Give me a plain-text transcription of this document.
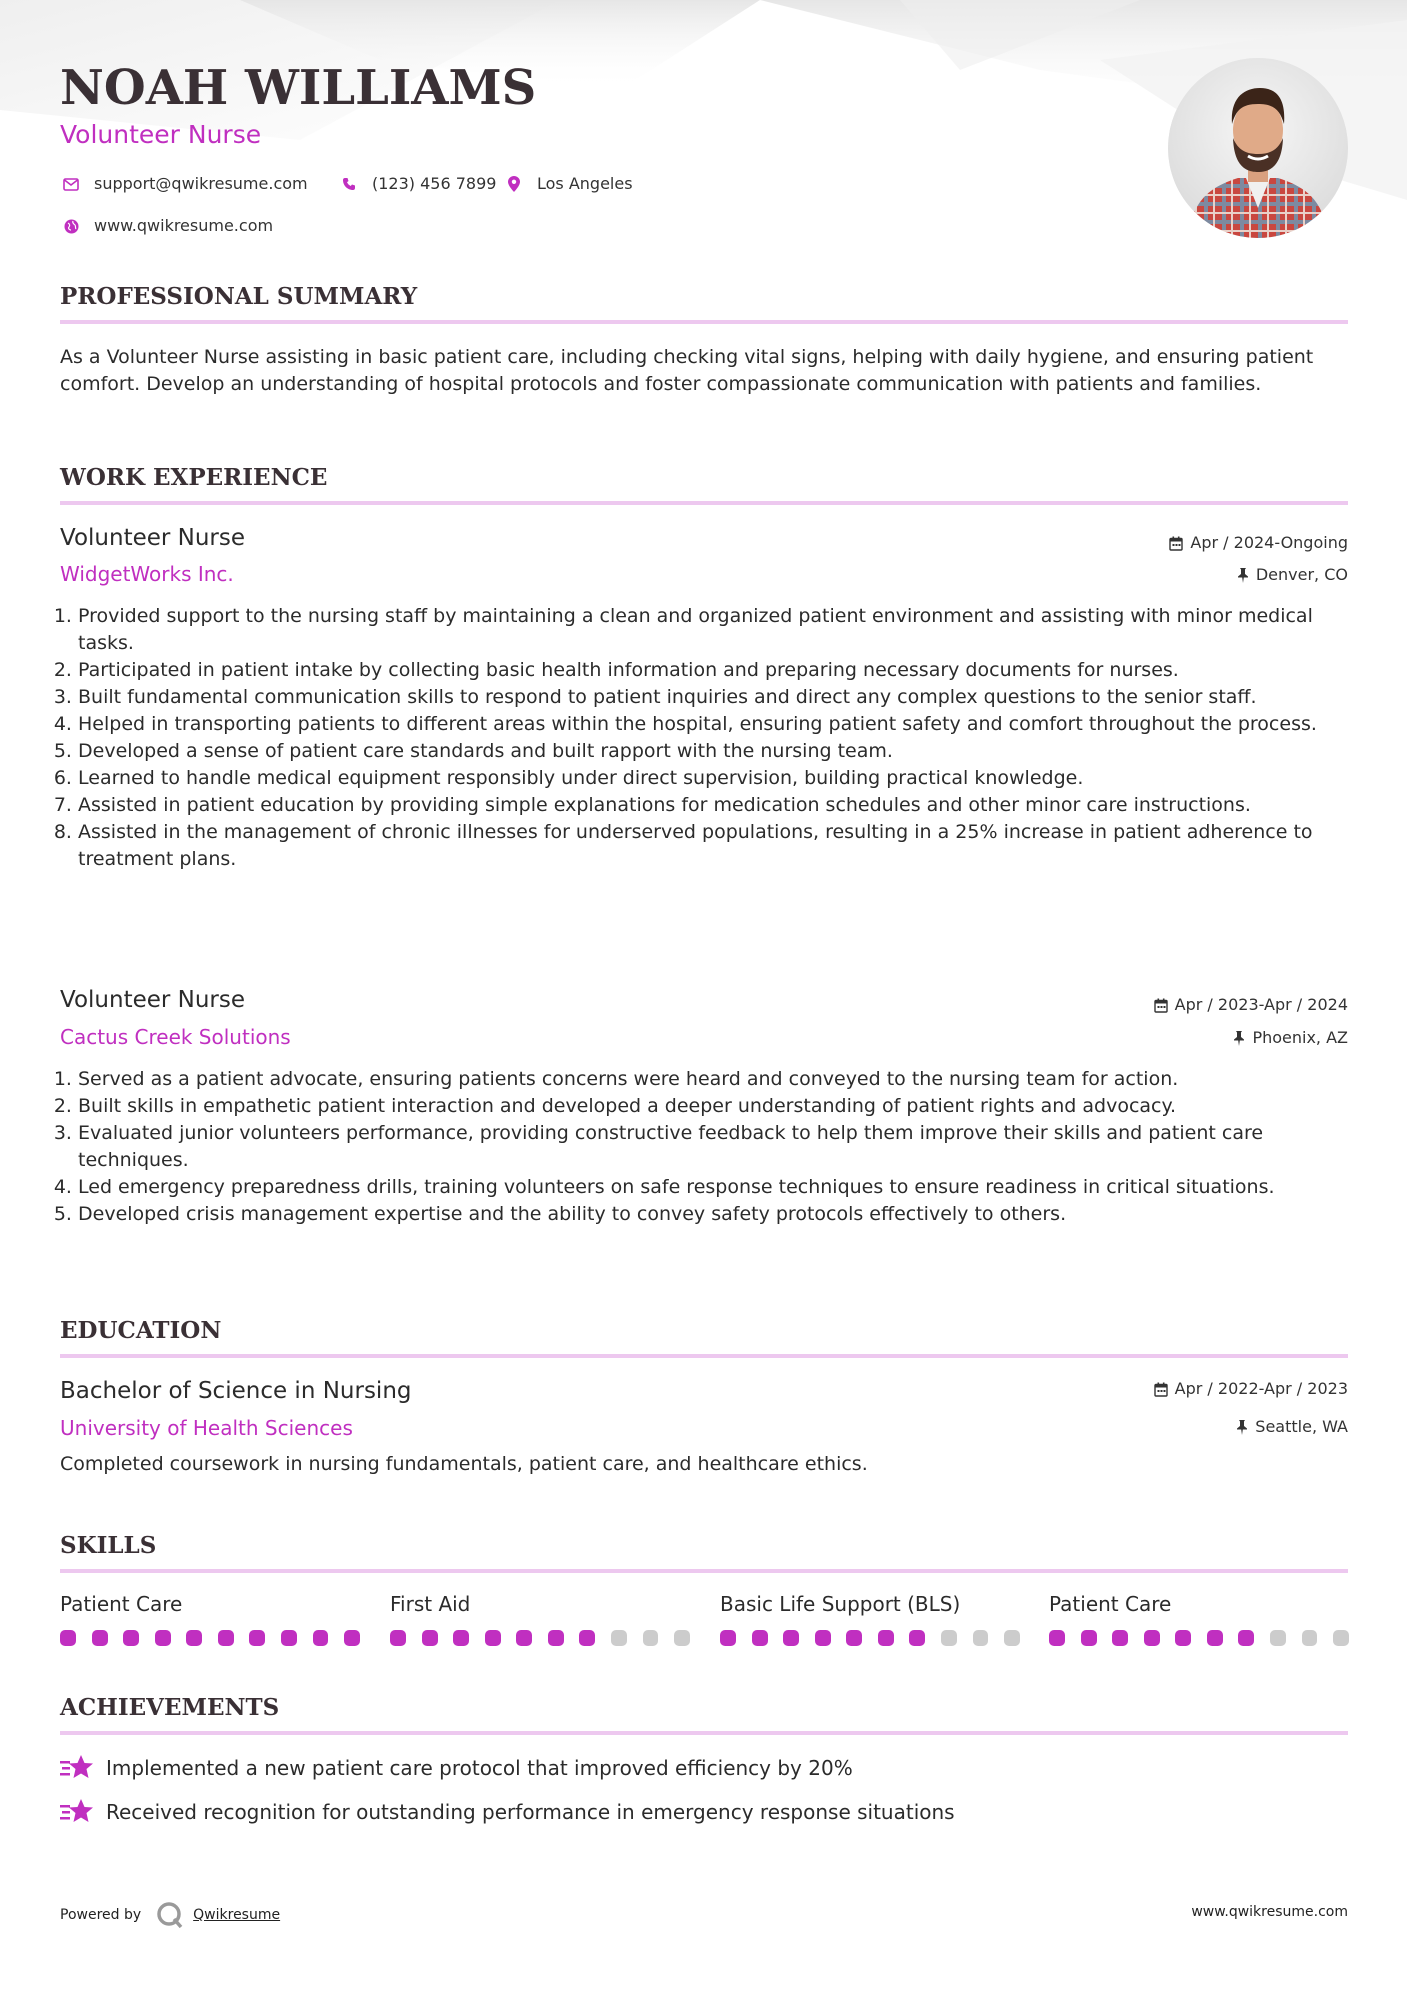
NOAH WILLIAMS
Volunteer Nurse
support@qwikresume.com	(123) 456 7899	Los Angeles
www.qwikresume.com
PROFESSIONAL SUMMARY
As a Volunteer Nurse assisting in basic patient care, including checking vital signs, helping with daily hygiene, and ensuring patient comfort. Develop an understanding of hospital protocols and foster compassionate communication with patients and families.
WORK EXPERIENCE
Volunteer Nurse	Apr / 2024-Ongoing
WidgetWorks Inc.	Denver, CO
1. Provided support to the nursing staff by maintaining a clean and organized patient environment and assisting with minor medical tasks.
2. Participated in patient intake by collecting basic health information and preparing necessary documents for nurses.
3. Built fundamental communication skills to respond to patient inquiries and direct any complex questions to the senior staff.
4. Helped in transporting patients to different areas within the hospital, ensuring patient safety and comfort throughout the process.
5. Developed a sense of patient care standards and built rapport with the nursing team.
6. Learned to handle medical equipment responsibly under direct supervision, building practical knowledge.
7. Assisted in patient education by providing simple explanations for medication schedules and other minor care instructions.
8. Assisted in the management of chronic illnesses for underserved populations, resulting in a 25% increase in patient adherence to treatment plans.
Volunteer Nurse	Apr / 2023-Apr / 2024
Cactus Creek Solutions	Phoenix, AZ
1. Served as a patient advocate, ensuring patients concerns were heard and conveyed to the nursing team for action.
2. Built skills in empathetic patient interaction and developed a deeper understanding of patient rights and advocacy.
3. Evaluated junior volunteers performance, providing constructive feedback to help them improve their skills and patient care techniques.
4. Led emergency preparedness drills, training volunteers on safe response techniques to ensure readiness in critical situations.
5. Developed crisis management expertise and the ability to convey safety protocols effectively to others.
EDUCATION
Bachelor of Science in Nursing	Apr / 2022-Apr / 2023
University of Health Sciences	Seattle, WA
Completed coursework in nursing fundamentals, patient care, and healthcare ethics.
SKILLS
Patient Care	First Aid	Basic Life Support (BLS)	Patient Care
ACHIEVEMENTS
Implemented a new patient care protocol that improved efficiency by 20%
Received recognition for outstanding performance in emergency response situations
Powered by	Qwikresume	www.qwikresume.com
